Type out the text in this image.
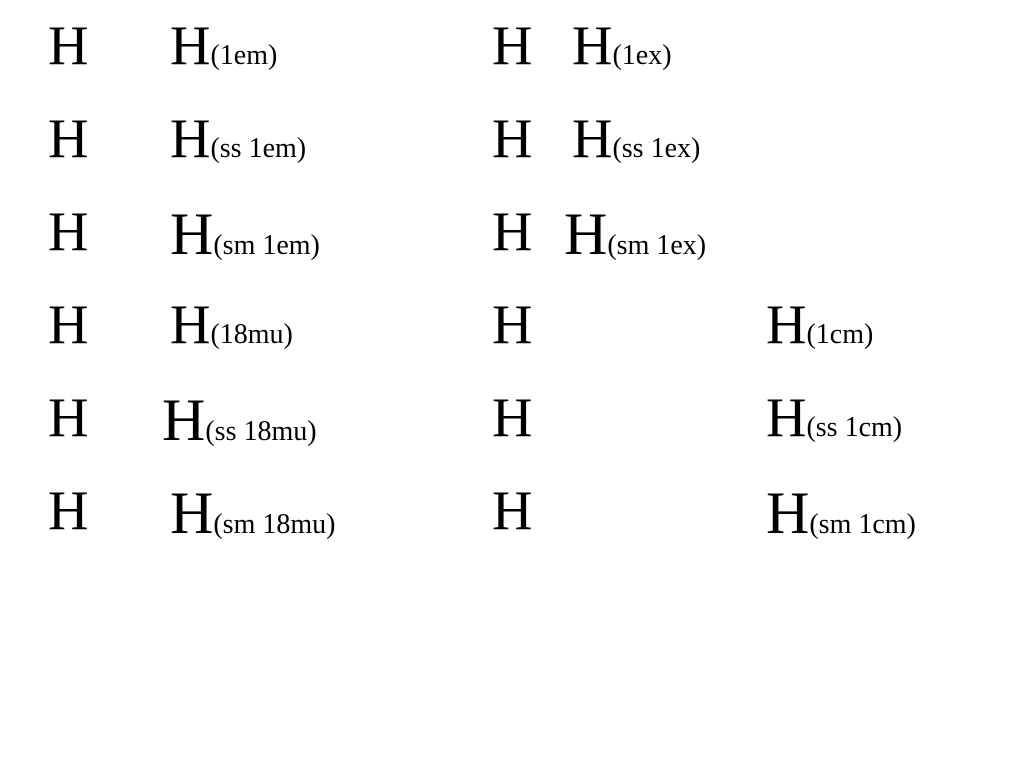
H H (1em)	H H (1ex)
H H (ss 1em)	H H (ss 1ex)
H H (sm 1em)	H H (sm 1ex)
H H (18mu)	H	H (1cm)
H H (ss 18mu)	H	H (ss 1cm)
H H (sm 18mu)	H	H (sm 1cm)
